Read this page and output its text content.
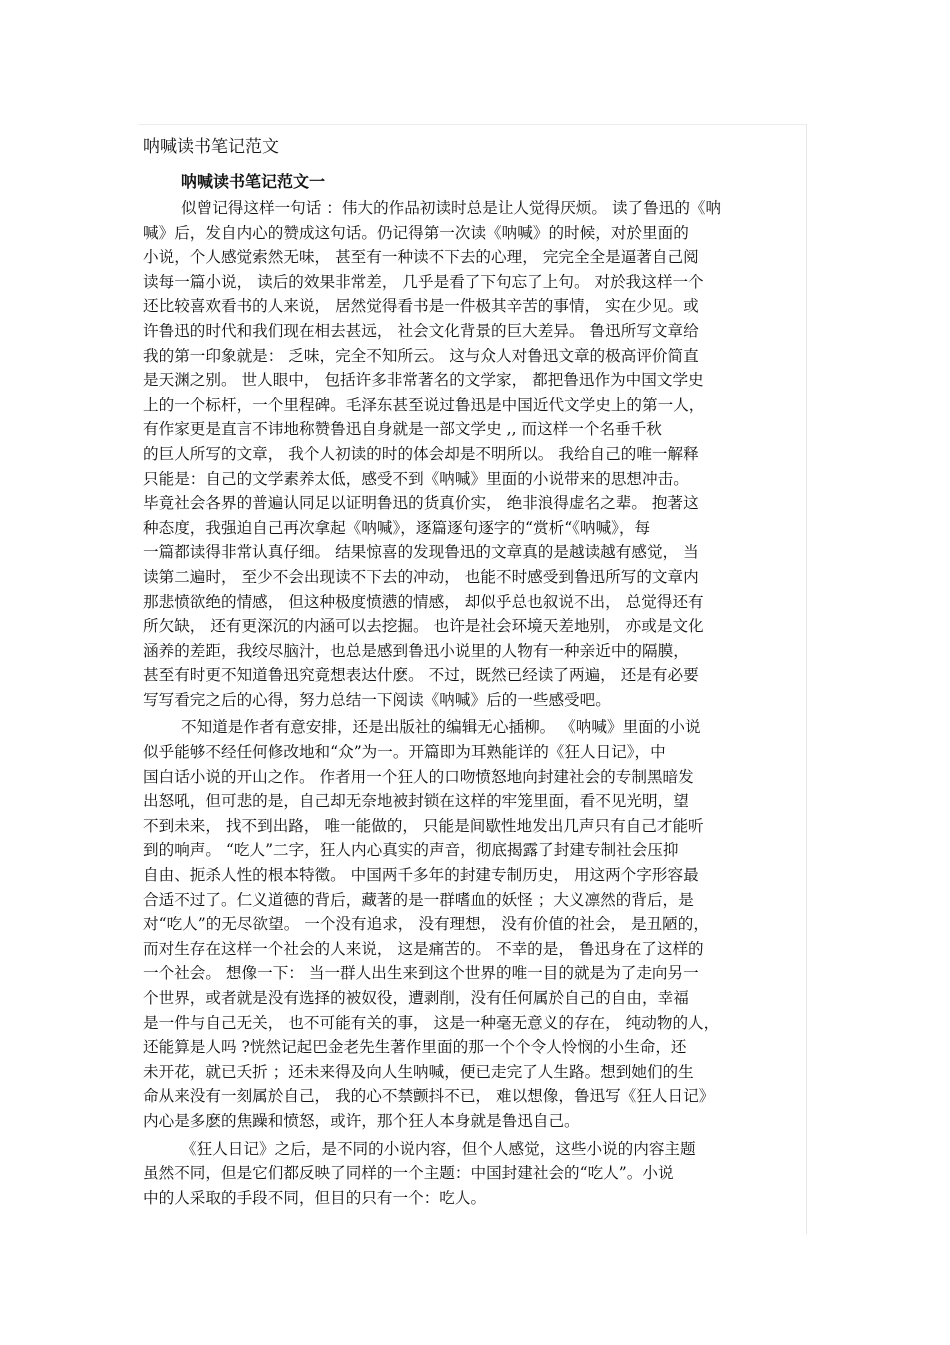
呐喊读书笔记范文
呐喊读书笔记范文一
似曾记得这样一句话 ：伟大的作品初读时总是让人觉得厌烦。 读了鲁迅的《呐
喊》后，发自内心的赞成这句话。仍记得第一次读《呐喊》的时候，对於里面的
小说，个人感觉索然无味， 甚至有一种读不下去的心理， 完完全全是逼著自己阅
读每一篇小说， 读后的效果非常差， 几乎是看了下句忘了上句。 对於我这样一个
还比较喜欢看书的人来说， 居然觉得看书是一件极其辛苦的事情， 实在少见。或
许鲁迅的时代和我们现在相去甚远， 社会文化背景的巨大差异。 鲁迅所写文章给
我的第一印象就是： 乏味，完全不知所云。 这与众人对鲁迅文章的极高评价简直
是天渊之别。 世人眼中， 包括许多非常著名的文学家， 都把鲁迅作为中国文学史
上的一个标杆，一个里程碑。毛泽东甚至说过鲁迅是中国近代文学史上的第一人，
有作家更是直言不讳地称赞鲁迅自身就是一部文学史 ,, 而这样一个名垂千秋
的巨人所写的文章， 我个人初读的时的体会却是不明所以。 我给自己的唯一解释
只能是：自己的文学素养太低，感受不到《呐喊》里面的小说带来的思想冲击。
毕竟社会各界的普遍认同足以证明鲁迅的货真价实， 绝非浪得虚名之辈。 抱著这
种态度，我强迫自己再次拿起《呐喊》，逐篇逐句逐字的“赏析“《呐喊》，每
一篇都读得非常认真仔细。 结果惊喜的发现鲁迅的文章真的是越读越有感觉， 当
读第二遍时， 至少不会出现读不下去的冲动， 也能不时感受到鲁迅所写的文章内
那悲愤欲绝的情感， 但这种极度愤懑的情感， 却似乎总也叙说不出， 总觉得还有
所欠缺， 还有更深沉的内涵可以去挖掘。 也许是社会环境天差地别， 亦或是文化
涵养的差距，我绞尽脑汁，也总是感到鲁迅小说里的人物有一种亲近中的隔膜，
甚至有时更不知道鲁迅究竟想表达什麽。 不过，既然已经读了两遍， 还是有必要
写写看完之后的心得，努力总结一下阅读《呐喊》后的一些感受吧。
不知道是作者有意安排，还是出版社的编辑无心插柳。 《呐喊》里面的小说
似乎能够不经任何修改地和“众”为一。开篇即为耳熟能详的《狂人日记》，中
国白话小说的开山之作。 作者用一个狂人的口吻愤怒地向封建社会的专制黑暗发
出怒吼，但可悲的是，自己却无奈地被封锁在这样的牢笼里面，看不见光明，望
不到未来， 找不到出路， 唯一能做的， 只能是间歇性地发出几声只有自己才能听
到的响声。 “吃人”二字，狂人内心真实的声音，彻底揭露了封建专制社会压抑
自由、扼杀人性的根本特徵。 中国两千多年的封建专制历史， 用这两个字形容最
合适不过了。仁义道德的背后，藏著的是一群嗜血的妖怪 ；大义凛然的背后，是
对“吃人”的无尽欲望。 一个没有追求， 没有理想， 没有价值的社会， 是丑陋的，
而对生存在这样一个社会的人来说， 这是痛苦的。 不幸的是， 鲁迅身在了这样的
一个社会。 想像一下： 当一群人出生来到这个世界的唯一目的就是为了走向另一
个世界，或者就是没有选择的被奴役，遭剥削，没有任何属於自己的自由，幸福
是一件与自己无关， 也不可能有关的事， 这是一种毫无意义的存在， 纯动物的人，
还能算是人吗 ?恍然记起巴金老先生著作里面的那一个个令人怜悯的小生命，还
未开花，就已夭折 ；还未来得及向人生呐喊，便已走完了人生路。想到她们的生
命从来没有一刻属於自己， 我的心不禁颤抖不已， 难以想像，鲁迅写《狂人日记》
内心是多麽的焦躁和愤怒，或许，那个狂人本身就是鲁迅自己。
《狂人日记》之后，是不同的小说内容，但个人感觉，这些小说的内容主题
虽然不同，但是它们都反映了同样的一个主题：中国封建社会的“吃人”。小说
中的人采取的手段不同，但目的只有一个：吃人。
